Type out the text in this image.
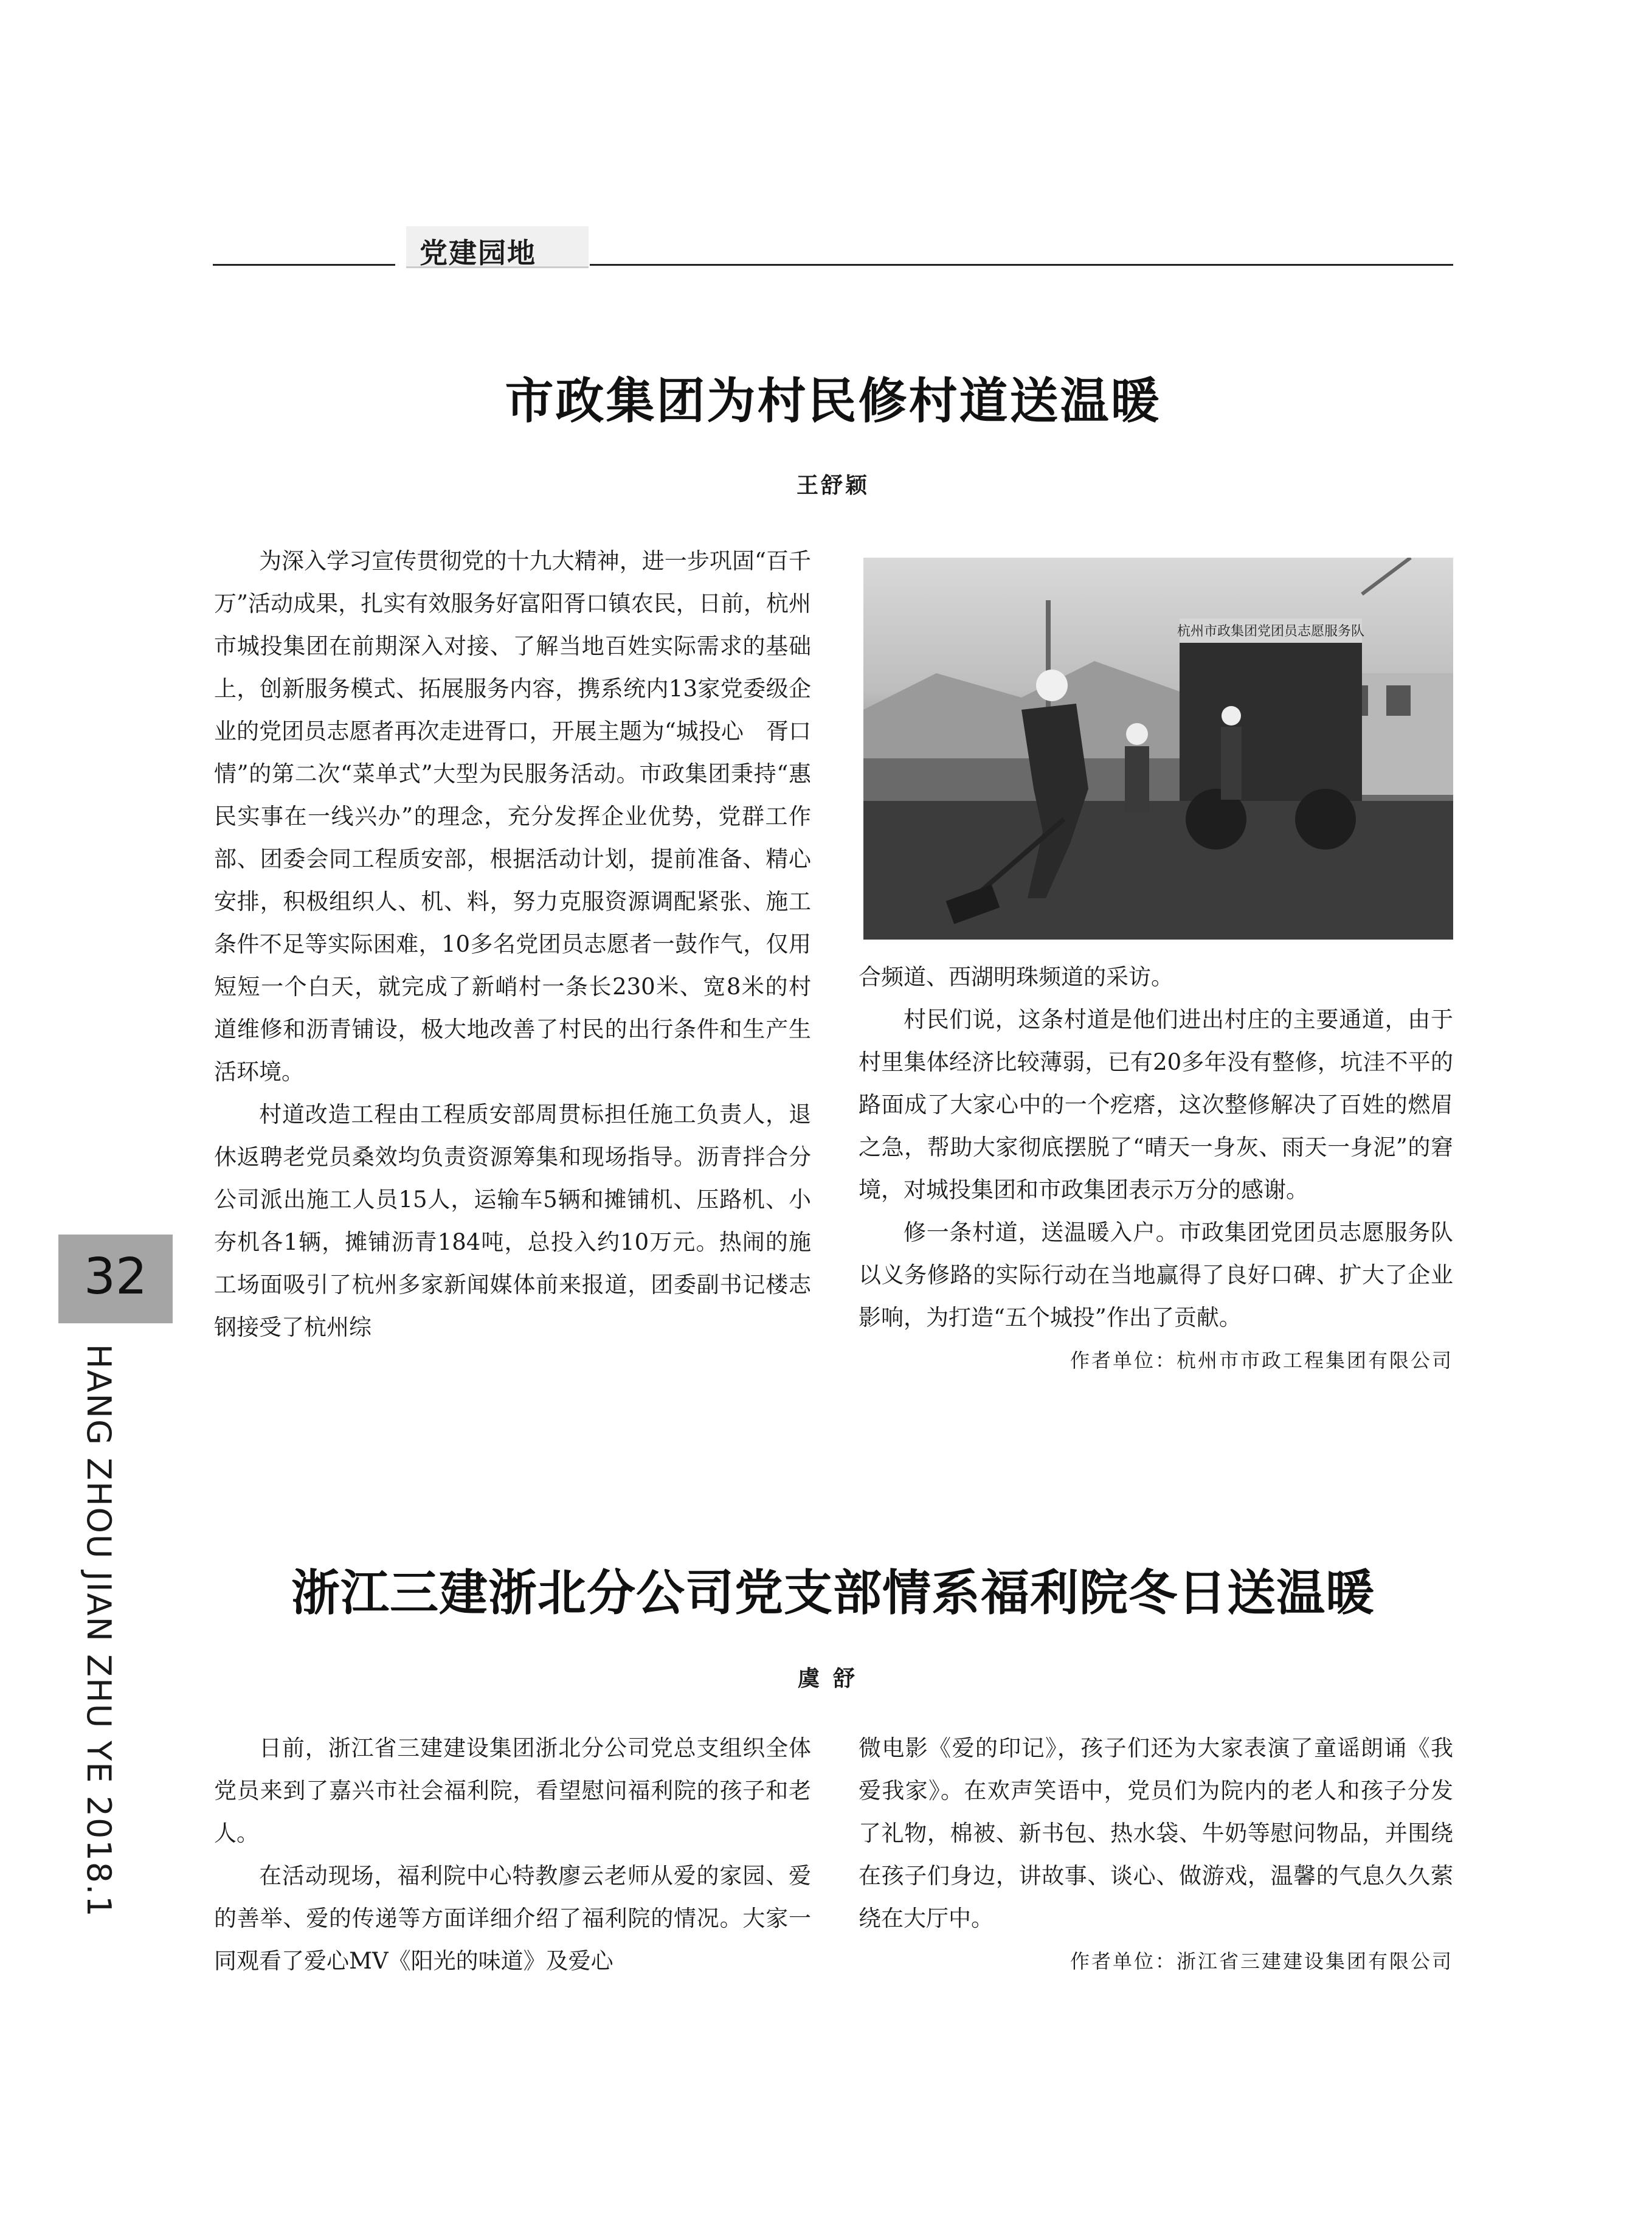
党建园地
市政集团为村民修村道送温暖
王舒颖

为深入学习宣传贯彻党的十九大精神，进一步巩固“百千万”活动成果，扎实有效服务好富阳胥口镇农民，日前，杭州市城投集团在前期深入对接、了解当地百姓实际需求的基础上，创新服务模式、拓展服务内容，携系统内13家党委级企业的党团员志愿者再次走进胥口，开展主题为“城投心　胥口情”的第二次“菜单式”大型为民服务活动。市政集团秉持“惠民实事在一线兴办”的理念，充分发挥企业优势，党群工作部、团委会同工程质安部，根据活动计划，提前准备、精心安排，积极组织人、机、料，努力克服资源调配紧张、施工条件不足等实际困难，10多名党团员志愿者一鼓作气，仅用短短一个白天，就完成了新峭村一条长230米、宽8米的村道维修和沥青铺设，极大地改善了村民的出行条件和生产生活环境。

村道改造工程由工程质安部周贯标担任施工负责人，退休返聘老党员桑效均负责资源筹集和现场指导。沥青拌合分公司派出施工人员15人，运输车5辆和摊铺机、压路机、小夯机各1辆，摊铺沥青184吨，总投入约10万元。热闹的施工场面吸引了杭州多家新闻媒体前来报道，团委副书记楼志钢接受了杭州综

杭州市政集团党团员志愿服务队

合频道、西湖明珠频道的采访。

村民们说，这条村道是他们进出村庄的主要通道，由于村里集体经济比较薄弱，已有20多年没有整修，坑洼不平的路面成了大家心中的一个疙瘩，这次整修解决了百姓的燃眉之急，帮助大家彻底摆脱了“晴天一身灰、雨天一身泥”的窘境，对城投集团和市政集团表示万分的感谢。

修一条村道，送温暖入户。市政集团党团员志愿服务队以义务修路的实际行动在当地赢得了良好口碑、扩大了企业影响，为打造“五个城投”作出了贡献。

作者单位：杭州市市政工程集团有限公司
浙江三建浙北分公司党支部情系福利院冬日送温暖
虞舒

日前，浙江省三建建设集团浙北分公司党总支组织全体党员来到了嘉兴市社会福利院，看望慰问福利院的孩子和老人。

在活动现场，福利院中心特教廖云老师从爱的家园、爱的善举、爱的传递等方面详细介绍了福利院的情况。大家一同观看了爱心MV《阳光的味道》及爱心

微电影《爱的印记》，孩子们还为大家表演了童谣朗诵《我爱我家》。在欢声笑语中，党员们为院内的老人和孩子分发了礼物，棉被、新书包、热水袋、牛奶等慰问物品，并围绕在孩子们身边，讲故事、谈心、做游戏，温馨的气息久久萦绕在大厅中。

作者单位：浙江省三建建设集团有限公司
32
HANG ZHOU JIAN ZHU YE 2018.1
